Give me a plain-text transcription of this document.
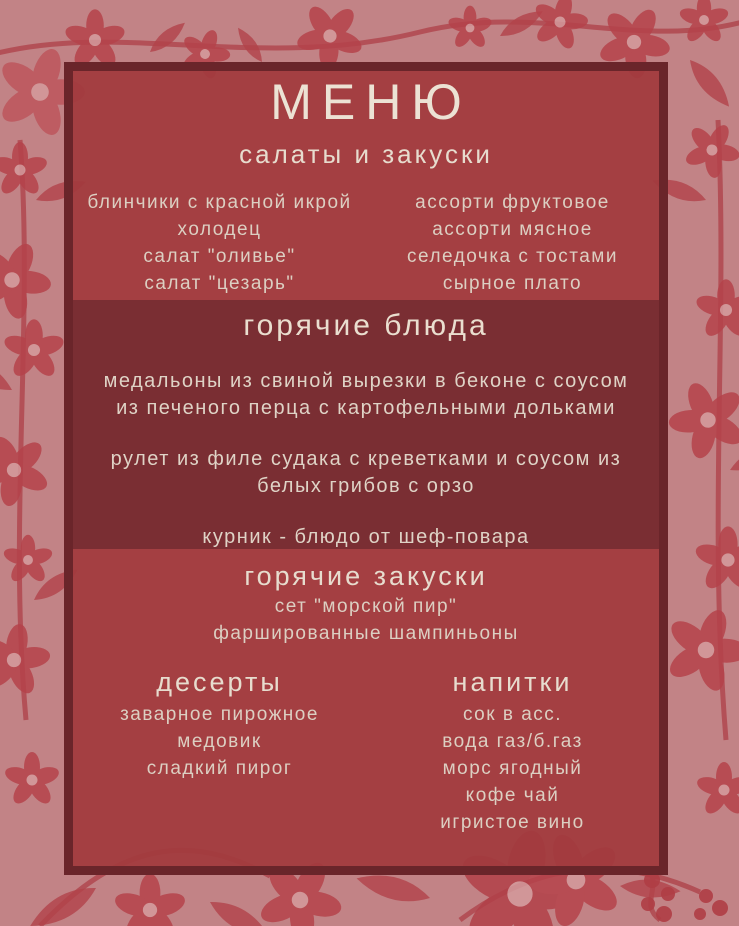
МЕНЮ
салаты и закуски
блинчики с красной икрой
холодец
салат "оливье"
салат "цезарь"
ассорти фруктовое
ассорти мясное
селедочка с тостами
сырное плато
горячие блюда

медальоны из свиной вырезки в беконе с соусом из печеного перца с картофельными дольками

рулет из филе судака с креветками и соусом из белых грибов с орзо

курник - блюдо от шеф-повара

горячие закуски
сет "морской пир"
фаршированные шампиньоны
десерты
заварное пирожное
медовик
сладкий пирог
напитки
сок в асс.
вода газ/б.газ
морс ягодный
кофе чай
игристое вино
